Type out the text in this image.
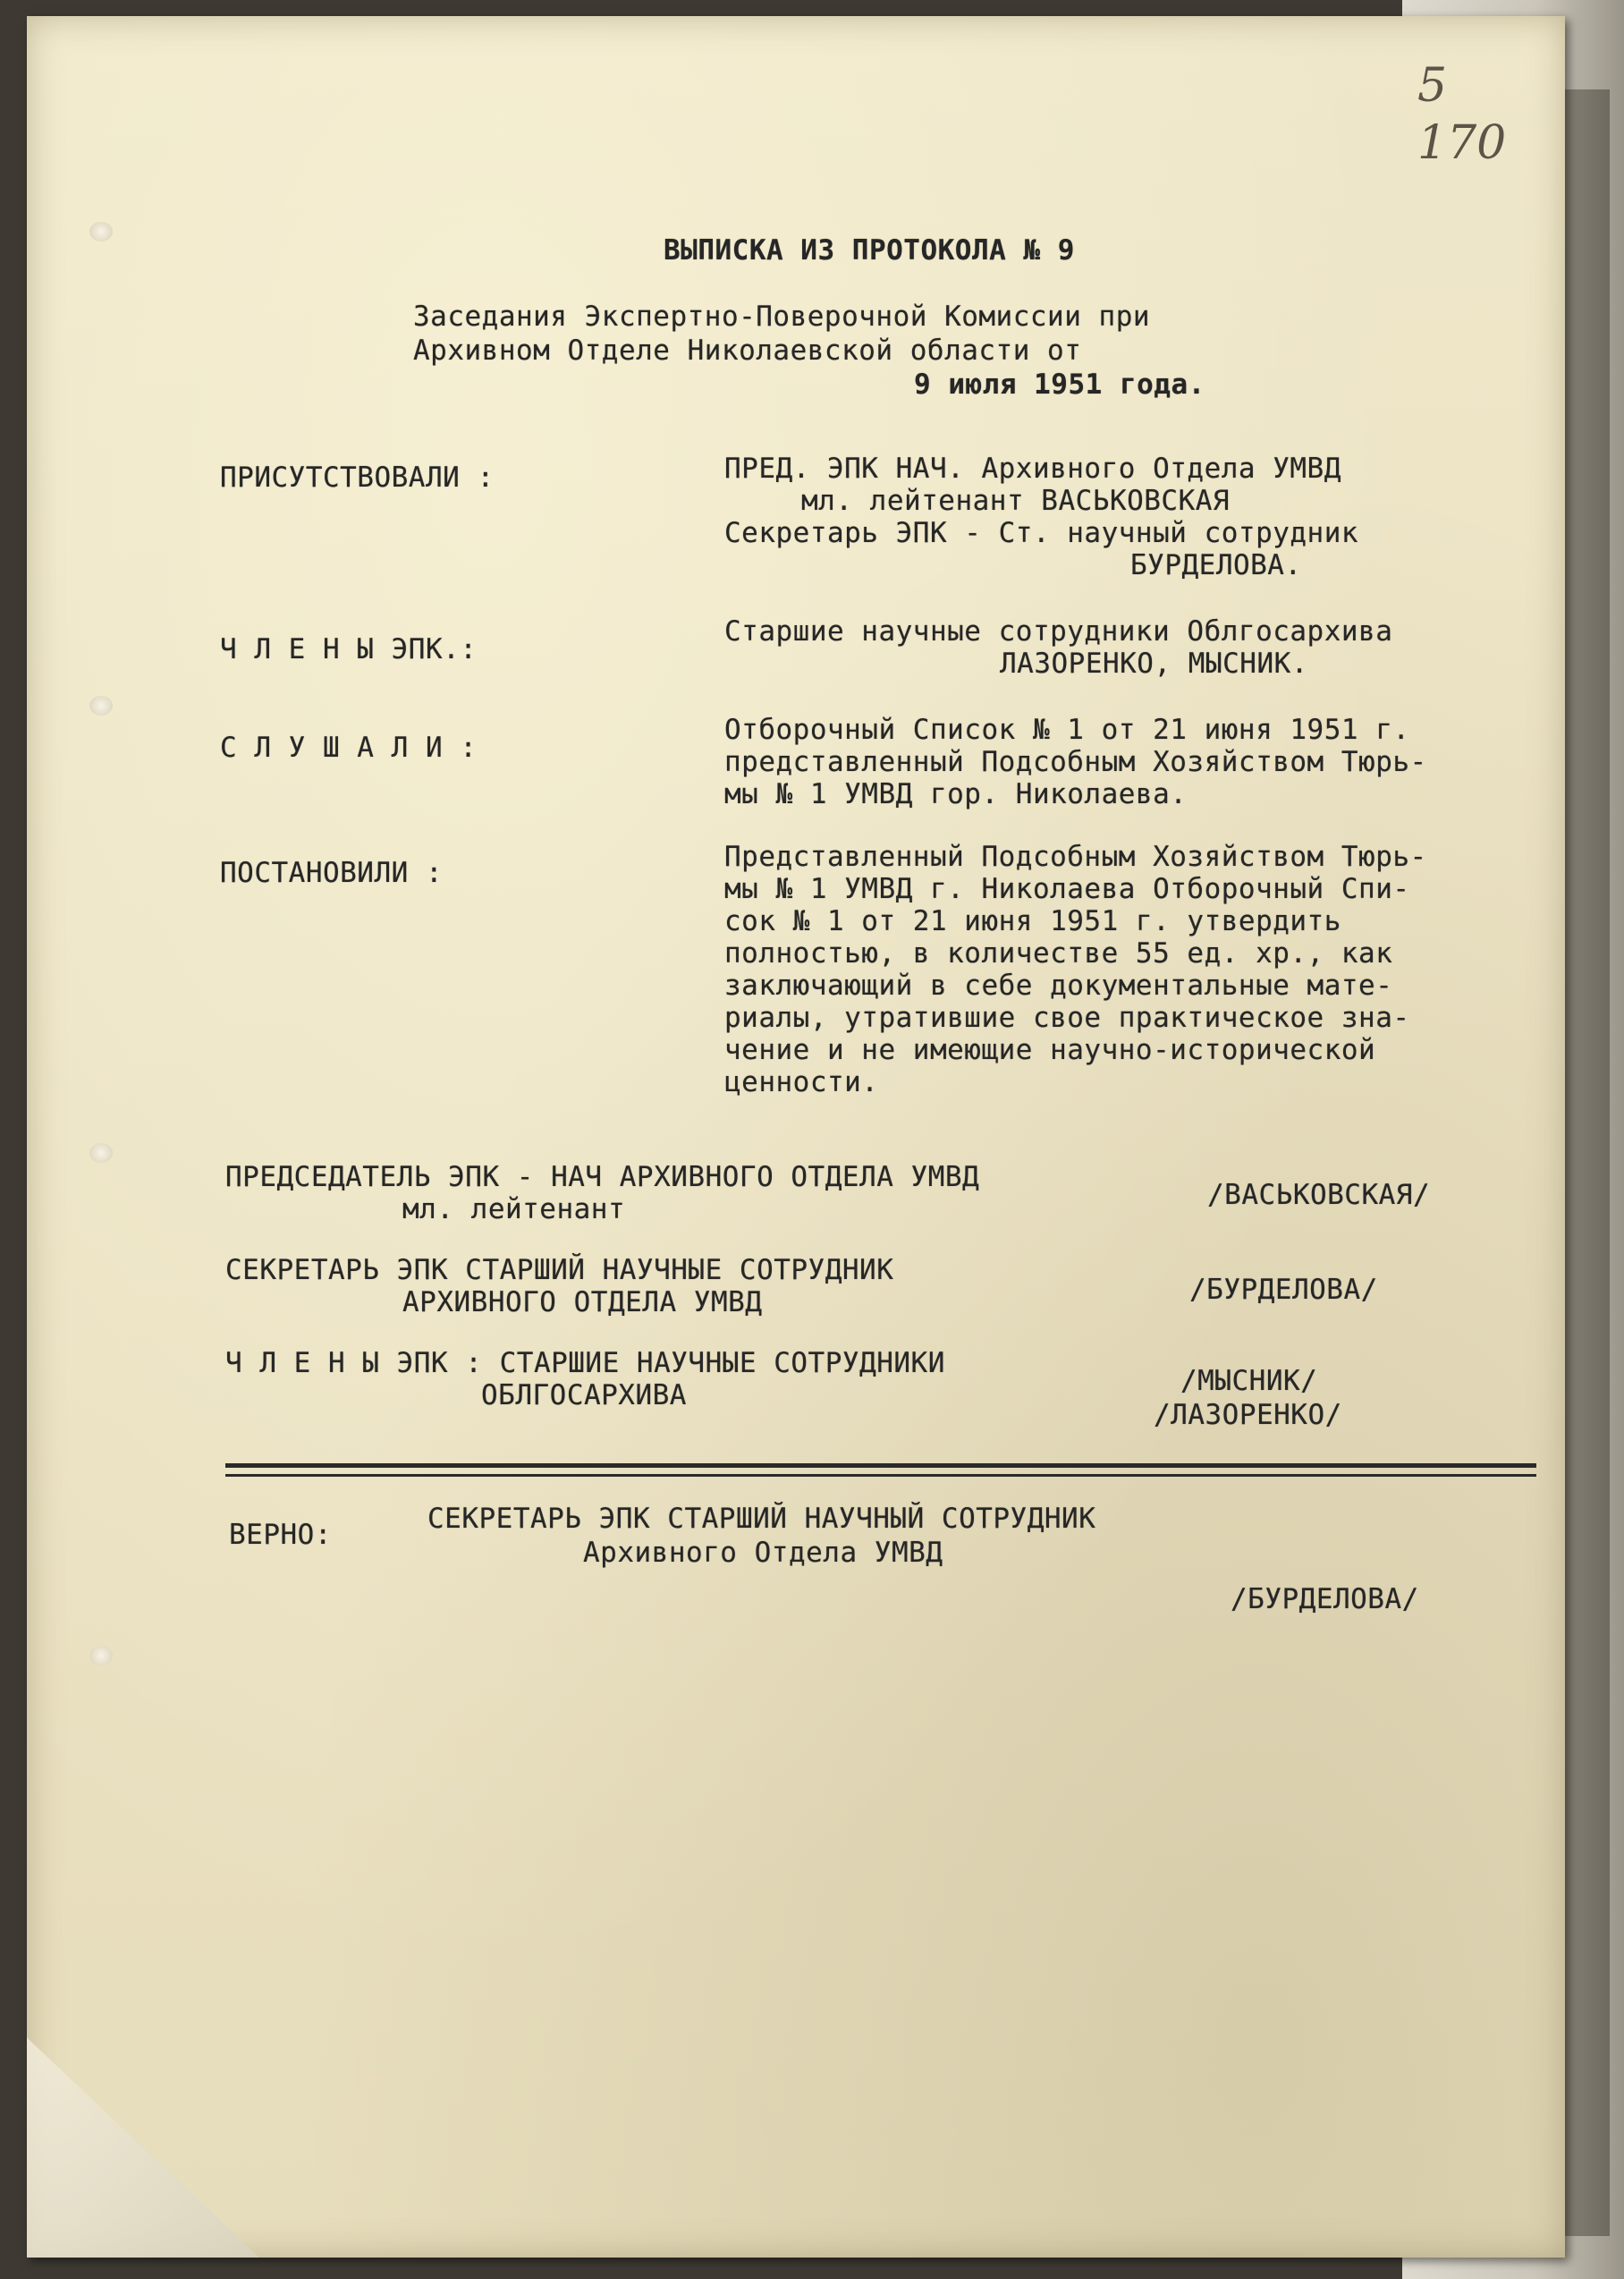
5
170
ВЫПИСКА ИЗ ПРОТОКОЛА № 9
Заседания Экспертно-Поверочной Комиссии при
Архивном Отделе Николаевской области от
9 июля 1951 года.
ПРИСУТСТВОВАЛИ :	ПРЕД. ЭПК НАЧ. Архивного Отдела УМВД
мл. лейтенант ВАСЬКОВСКАЯ
Секретарь ЭПК - Ст. научный сотрудник
БУРДЕЛОВА.
Ч Л Е Н Ы ЭПК.:
Старшие научные сотрудники Облгосархива
ЛАЗОРЕНКО, МЫСНИК.
С Л У Ш А Л И :
Отборочный Список № 1 от 21 июня 1951 г.
представленный Подсобным Хозяйством Тюрь-
мы № 1 УМВД гор. Николаева.
ПОСТАНОВИЛИ :	Представленный Подсобным Хозяйством Тюрь-
мы № 1 УМВД г. Николаева Отборочный Спи-
сок № 1 от 21 июня 1951 г. утвердить
полностью, в количестве 55 ед. хр., как
заключающий в себе документальные мате-
риалы, утратившие свое практическое зна-
чение и не имеющие научно-исторической
ценности.
ПРЕДСЕДАТЕЛЬ ЭПК - НАЧ АРХИВНОГО ОТДЕЛА УМВД
мл. лейтенант	/ВАСЬКОВСКАЯ/
СЕКРЕТАРЬ ЭПК СТАРШИЙ НАУЧНЫЕ СОТРУДНИК
АРХИВНОГО ОТДЕЛА УМВД	/БУРДЕЛОВА/
Ч Л Е Н Ы ЭПК : СТАРШИЕ НАУЧНЫЕ СОТРУДНИКИ
ОБЛГОСАРХИВА	/МЫСНИК/
/ЛАЗОРЕНКО/
ВЕРНО:	СЕКРЕТАРЬ ЭПК СТАРШИЙ НАУЧНЫЙ СОТРУДНИК
Архивного Отдела УМВД
/БУРДЕЛОВА/
